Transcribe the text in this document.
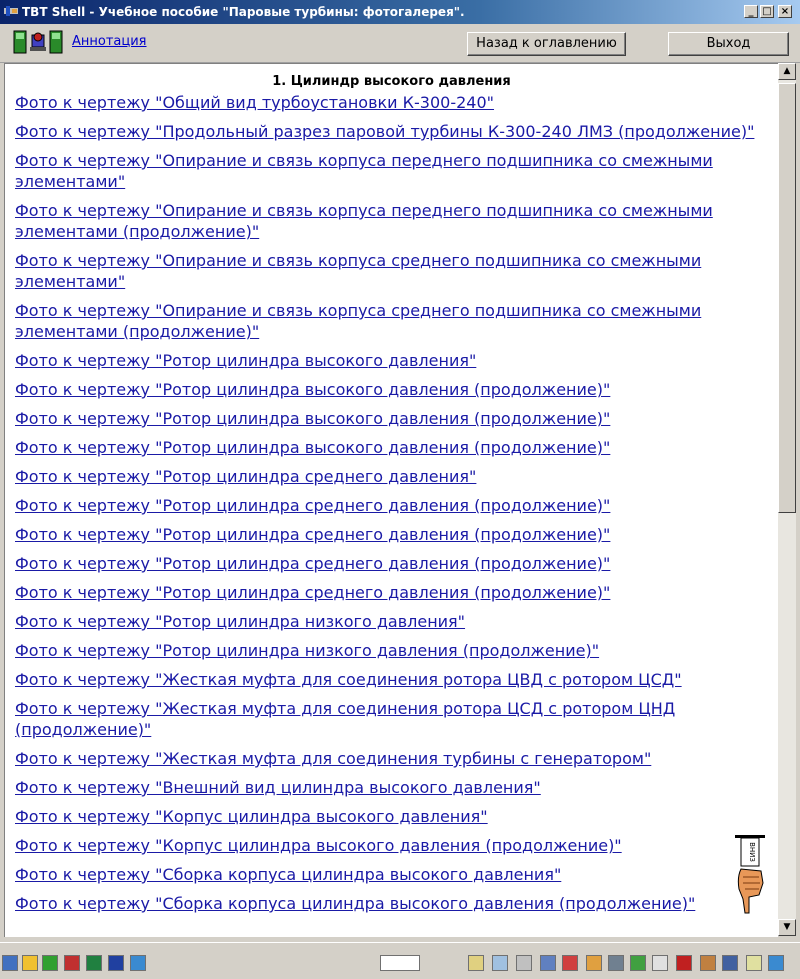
TBT Shell - Учебное пособие "Паровые турбины: фотогалерея".	_ □ ×
Аннотация	Назад к оглавлению	Выход
1. Цилиндр высокого давления
Фото к чертежу "Общий вид турбоустановки К-300-240"
Фото к чертежу "Продольный разрез паровой турбины К-300-240 ЛМЗ (продолжение)"
Фото к чертежу "Опирание и связь корпуса переднего подшипника со смежными элементами"
Фото к чертежу "Опирание и связь корпуса переднего подшипника со смежными элементами (продолжение)"
Фото к чертежу "Опирание и связь корпуса среднего подшипника со смежными элементами"
Фото к чертежу "Опирание и связь корпуса среднего подшипника со смежными элементами (продолжение)"
Фото к чертежу "Ротор цилиндра высокого давления"
Фото к чертежу "Ротор цилиндра высокого давления (продолжение)"
Фото к чертежу "Ротор цилиндра высокого давления (продолжение)"
Фото к чертежу "Ротор цилиндра высокого давления (продолжение)"
Фото к чертежу "Ротор цилиндра среднего давления"
Фото к чертежу "Ротор цилиндра среднего давления (продолжение)"
Фото к чертежу "Ротор цилиндра среднего давления (продолжение)"
Фото к чертежу "Ротор цилиндра среднего давления (продолжение)"
Фото к чертежу "Ротор цилиндра среднего давления (продолжение)"
Фото к чертежу "Ротор цилиндра низкого давления"
Фото к чертежу "Ротор цилиндра низкого давления (продолжение)"
Фото к чертежу "Жесткая муфта для соединения ротора ЦВД с ротором ЦСД"
Фото к чертежу "Жесткая муфта для соединения ротора ЦСД с ротором ЦНД (продолжение)"
Фото к чертежу "Жесткая муфта для соединения турбины с генератором"
Фото к чертежу "Внешний вид цилиндра высокого давления"
Фото к чертежу "Корпус цилиндра высокого давления"
Фото к чертежу "Корпус цилиндра высокого давления (продолжение)"
Фото к чертежу "Сборка корпуса цилиндра высокого давления"
Фото к чертежу "Сборка корпуса цилиндра высокого давления (продолжение)"
▲
▼
ВНИЗ
